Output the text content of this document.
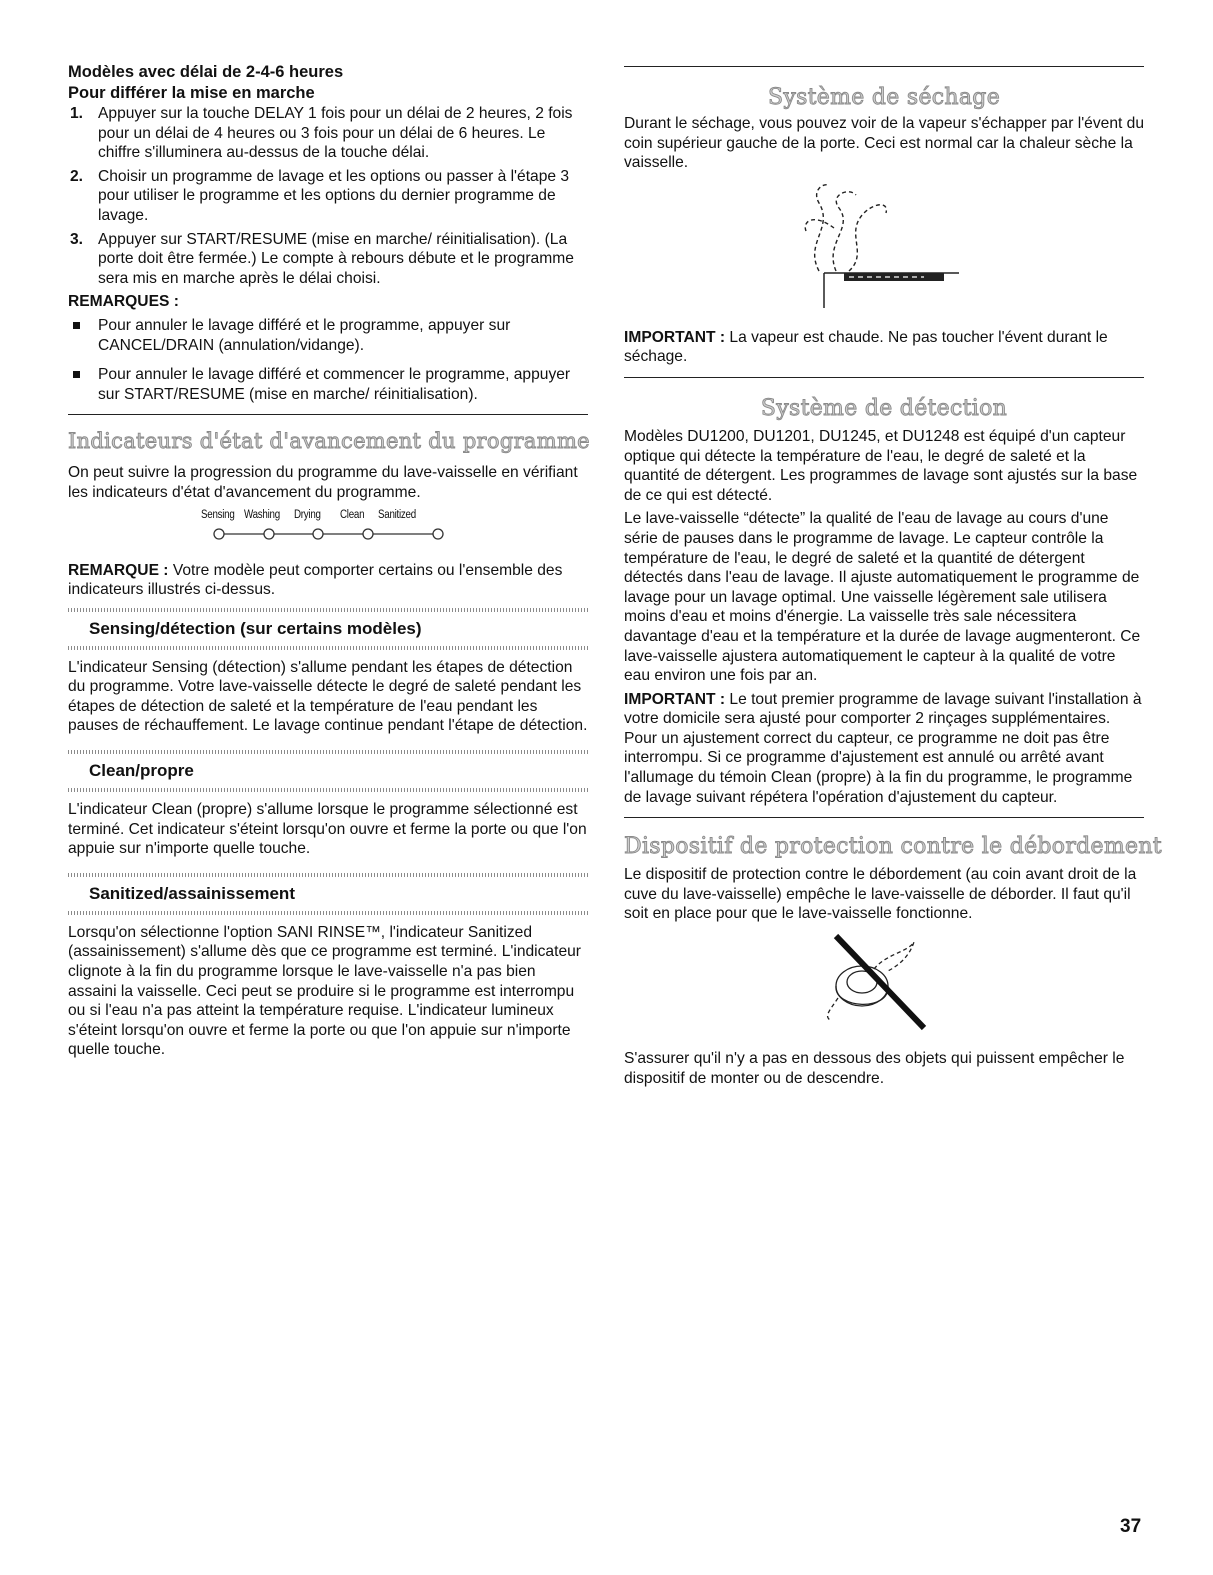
Modèles avec délai de 2-4-6 heures
Pour différer la mise en marche
1. Appuyer sur la touche DELAY 1 fois pour un délai de 2 heures, 2 fois pour un délai de 4 heures ou 3 fois pour un délai de 6 heures. Le chiffre s'illuminera au-dessus de la touche délai.
2. Choisir un programme de lavage et les options ou passer à l'étape 3 pour utiliser le programme et les options du dernier programme de lavage.
3. Appuyer sur START/RESUME (mise en marche/ réinitialisation). (La porte doit être fermée.) Le compte à rebours débute et le programme sera mis en marche après le délai choisi.
REMARQUES :
Pour annuler le lavage différé et le programme, appuyer sur CANCEL/DRAIN (annulation/vidange).
Pour annuler le lavage différé et commencer le programme, appuyer sur START/RESUME (mise en marche/ réinitialisation).
Indicateurs d'état d'avancement du programme

On peut suivre la progression du programme du lave-vaisselle en vérifiant les indicateurs d'état d'avancement du programme.

Sensing Washing Drying Clean Sanitized

REMARQUE : Votre modèle peut comporter certains ou l'ensemble des indicateurs illustrés ci-dessus.

Sensing/détection (sur certains modèles)

L'indicateur Sensing (détection) s'allume pendant les étapes de détection du programme. Votre lave-vaisselle détecte le degré de saleté pendant les étapes de détection de saleté et la température de l'eau pendant les pauses de réchauffement. Le lavage continue pendant l'étape de détection.

Clean/propre

L'indicateur Clean (propre) s'allume lorsque le programme sélectionné est terminé. Cet indicateur s'éteint lorsqu'on ouvre et ferme la porte ou que l'on appuie sur n'importe quelle touche.

Sanitized/assainissement

Lorsqu'on sélectionne l'option SANI RINSE™, l'indicateur Sanitized (assainissement) s'allume dès que ce programme est terminé. L'indicateur clignote à la fin du programme lorsque le lave-vaisselle n'a pas bien assaini la vaisselle. Ceci peut se produire si le programme est interrompu ou si l'eau n'a pas atteint la température requise. L'indicateur lumineux s'éteint lorsqu'on ouvre et ferme la porte ou que l'on appuie sur n'importe quelle touche.

Système de séchage

Durant le séchage, vous pouvez voir de la vapeur s'échapper par l'évent du coin supérieur gauche de la porte. Ceci est normal car la chaleur sèche la vaisselle.

IMPORTANT : La vapeur est chaude. Ne pas toucher l'évent durant le séchage.

Système de détection

Modèles DU1200, DU1201, DU1245, et DU1248 est équipé d'un capteur optique qui détecte la température de l'eau, le degré de saleté et la quantité de détergent. Les programmes de lavage sont ajustés sur la base de ce qui est détecté.

Le lave-vaisselle “détecte” la qualité de l'eau de lavage au cours d'une série de pauses dans le programme de lavage. Le capteur contrôle la température de l'eau, le degré de saleté et la quantité de détergent détectés dans l'eau de lavage. Il ajuste automatiquement le programme de lavage pour un lavage optimal. Une vaisselle légèrement sale utilisera moins d'eau et moins d'énergie. La vaisselle très sale nécessitera davantage d'eau et la température et la durée de lavage augmenteront. Ce lave-vaisselle ajustera automatiquement le capteur à la qualité de votre eau environ une fois par an.

IMPORTANT : Le tout premier programme de lavage suivant l'installation à votre domicile sera ajusté pour comporter 2 rinçages supplémentaires. Pour un ajustement correct du capteur, ce programme ne doit pas être interrompu. Si ce programme d'ajustement est annulé ou arrêté avant l'allumage du témoin Clean (propre) à la fin du programme, le programme de lavage suivant répétera l'opération d'ajustement du capteur.

Dispositif de protection contre le débordement

Le dispositif de protection contre le débordement (au coin avant droit de la cuve du lave-vaisselle) empêche le lave-vaisselle de déborder. Il faut qu'il soit en place pour que le lave-vaisselle fonctionne.

S'assurer qu'il n'y a pas en dessous des objets qui puissent empêcher le dispositif de monter ou de descendre.

37
